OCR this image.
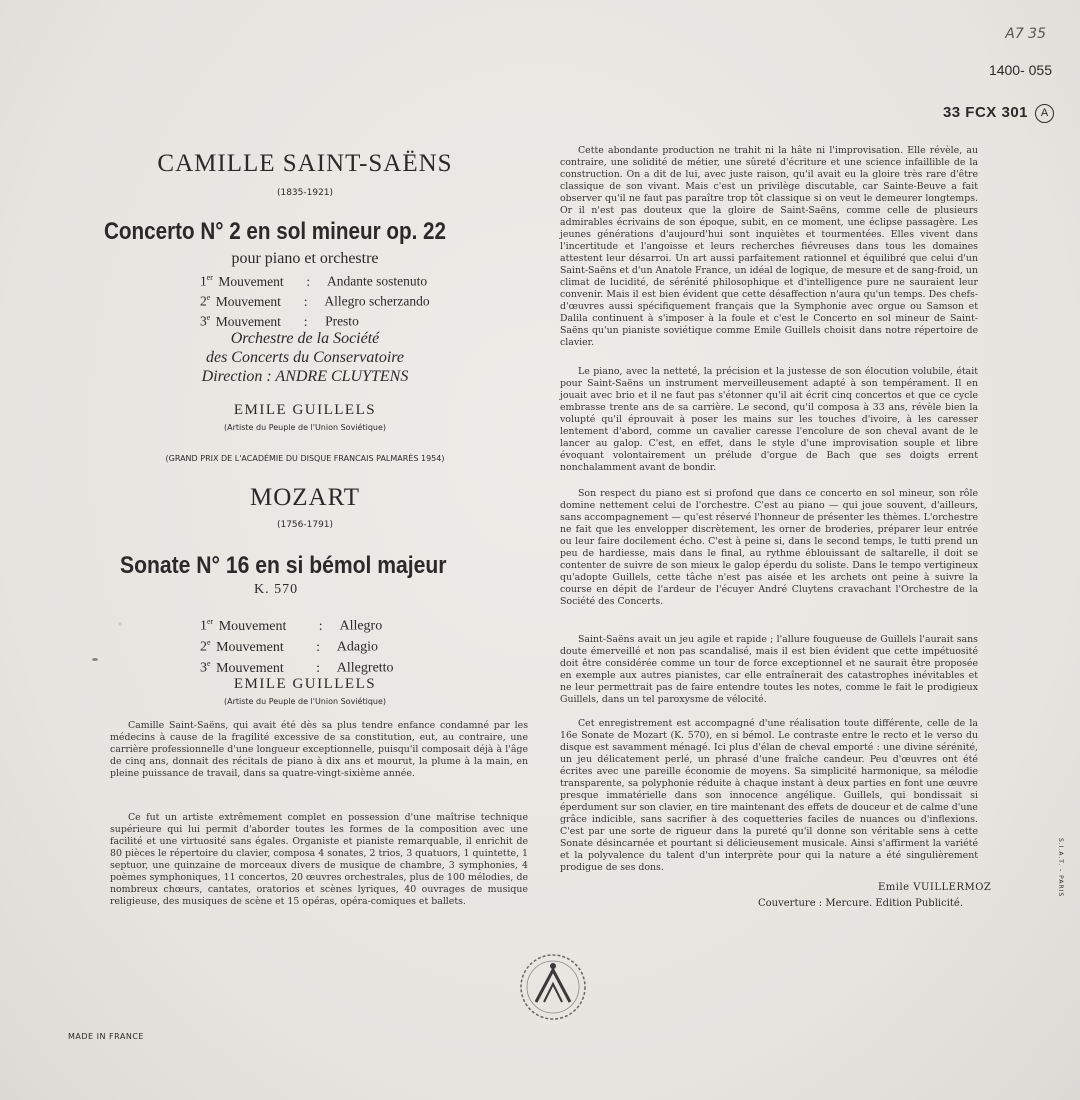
A7 35
1400- 055
33 FCX 301	A
CAMILLE SAINT-SAËNS
(1835-1921)
Concerto N° 2 en sol mineur op. 22
pour piano et orchestre
1er Mouvement : Andante sostenuto
2e Mouvement : Allegro scherzando
3e Mouvement : Presto
Orchestre de la Société
des Concerts du Conservatoire
Direction : ANDRE CLUYTENS
EMILE GUILLELS
(Artiste du Peuple de l'Union Soviétique)
(GRAND PRIX DE L'ACADÉMIE DU DISQUE FRANCAIS PALMARÈS 1954)
MOZART
(1756-1791)
Sonate N° 16 en si bémol majeur
K. 570
1er Mouvement : Allegro
2e Mouvement : Adagio
3e Mouvement : Allegretto
EMILE GUILLELS
(Artiste du Peuple de l'Union Soviétique)

Camille Saint-Saëns, qui avait été dès sa plus tendre enfance condamné par les médecins à cause de la fragilité excessive de sa constitution, eut, au contraire, une carrière professionnelle d'une longueur exceptionnelle, puisqu'il composait déjà à l'âge de cinq ans, donnait des récitals de piano à dix ans et mourut, la plume à la main, en pleine puissance de travail, dans sa quatre-vingt-sixième année.

Ce fut un artiste extrêmement complet en possession d'une maîtrise technique supérieure qui lui permit d'aborder toutes les formes de la composition avec une facilité et une virtuosité sans égales. Organiste et pianiste remarquable, il enrichit de 80 pièces le répertoire du clavier, composa 4 sonates, 2 trios, 3 quatuors, 1 quintette, 1 septuor, une quinzaine de morceaux divers de musique de chambre, 3 symphonies, 4 poèmes symphoniques, 11 concertos, 20 œuvres orchestrales, plus de 100 mélodies, de nombreux chœurs, cantates, oratorios et scènes lyriques, 40 ouvrages de musique religieuse, des musiques de scène et 15 opéras, opéra-comiques et ballets.

Cette abondante production ne trahit ni la hâte ni l'improvisation. Elle révèle, au contraire, une solidité de métier, une sûreté d'écriture et une science infaillible de la construction. On a dit de lui, avec juste raison, qu'il avait eu la gloire très rare d'être classique de son vivant. Mais c'est un privilège discutable, car Sainte-Beuve a fait observer qu'il ne faut pas paraître trop tôt classique si on veut le demeurer longtemps. Or il n'est pas douteux que la gloire de Saint-Saëns, comme celle de plusieurs admirables écrivains de son époque, subit, en ce moment, une éclipse passagère. Les jeunes générations d'aujourd'hui sont inquiètes et tourmentées. Elles vivent dans l'incertitude et l'angoisse et leurs recherches fiévreuses dans tous les domaines attestent leur désarroi. Un art aussi parfaitement rationnel et équilibré que celui d'un Saint-Saëns et d'un Anatole France, un idéal de logique, de mesure et de sang-froid, un climat de lucidité, de sérénité philosophique et d'intelligence pure ne sauraient leur convenir. Mais il est bien évident que cette désaffection n'aura qu'un temps. Des chefs-d'œuvres aussi spécifiquement français que la Symphonie avec orgue ou Samson et Dalila continuent à s'imposer à la foule et c'est le Concerto en sol mineur de Saint-Saëns qu'un pianiste soviétique comme Emile Guillels choisit dans notre répertoire de clavier.

Le piano, avec la netteté, la précision et la justesse de son élocution volubile, était pour Saint-Saëns un instrument merveilleusement adapté à son tempérament. Il en jouait avec brio et il ne faut pas s'étonner qu'il ait écrit cinq concertos et que ce cycle embrasse trente ans de sa carrière. Le second, qu'il composa à 33 ans, révèle bien la volupté qu'il éprouvait à poser les mains sur les touches d'ivoire, à les caresser lentement d'abord, comme un cavalier caresse l'encolure de son cheval avant de le lancer au galop. C'est, en effet, dans le style d'une improvisation souple et libre évoquant volontairement un prélude d'orgue de Bach que ses doigts errent nonchalamment avant de bondir.

Son respect du piano est si profond que dans ce concerto en sol mineur, son rôle domine nettement celui de l'orchestre. C'est au piano — qui joue souvent, d'ailleurs, sans accompagnement — qu'est réservé l'honneur de présenter les thèmes. L'orchestre ne fait que les envelopper discrètement, les orner de broderies, préparer leur entrée ou leur faire docilement écho. C'est à peine si, dans le second temps, le tutti prend un peu de hardiesse, mais dans le final, au rythme éblouissant de saltarelle, il doit se contenter de suivre de son mieux le galop éperdu du soliste. Dans le tempo vertigineux qu'adopte Guillels, cette tâche n'est pas aisée et les archets ont peine à suivre la course en dépit de l'ardeur de l'écuyer André Cluytens cravachant l'Orchestre de la Société des Concerts.

Saint-Saëns avait un jeu agile et rapide ; l'allure fougueuse de Guillels l'aurait sans doute émerveillé et non pas scandalisé, mais il est bien évident que cette impétuosité doit être considérée comme un tour de force exceptionnel et ne saurait être proposée en exemple aux autres pianistes, car elle entraînerait des catastrophes inévitables et ne leur permettrait pas de faire entendre toutes les notes, comme le fait le prodigieux Guillels, dans un tel paroxysme de vélocité.

Cet enregistrement est accompagné d'une réalisation toute différente, celle de la 16e Sonate de Mozart (K. 570), en si bémol. Le contraste entre le recto et le verso du disque est savamment ménagé. Ici plus d'élan de cheval emporté : une divine sérénité, un jeu délicatement perlé, un phrasé d'une fraîche candeur. Peu d'œuvres ont été écrites avec une pareille économie de moyens. Sa simplicité harmonique, sa mélodie transparente, sa polyphonie réduite à chaque instant à deux parties en font une œuvre presque immatérielle dans son innocence angélique. Guillels, qui bondissait si éperdument sur son clavier, en tire maintenant des effets de douceur et de calme d'une grâce indicible, sans sacrifier à des coquetteries faciles de nuances ou d'inflexions. C'est par une sorte de rigueur dans la pureté qu'il donne son véritable sens à cette Sonate désincarnée et pourtant si délicieusement musicale. Ainsi s'affirment la variété et la polyvalence du talent d'un interprète pour qui la nature a été singulièrement prodigue de ses dons.

Emile VUILLERMOZ
Couverture : Mercure. Edition Publicité.
MADE IN FRANCE
S.I.A.T. - PARIS
